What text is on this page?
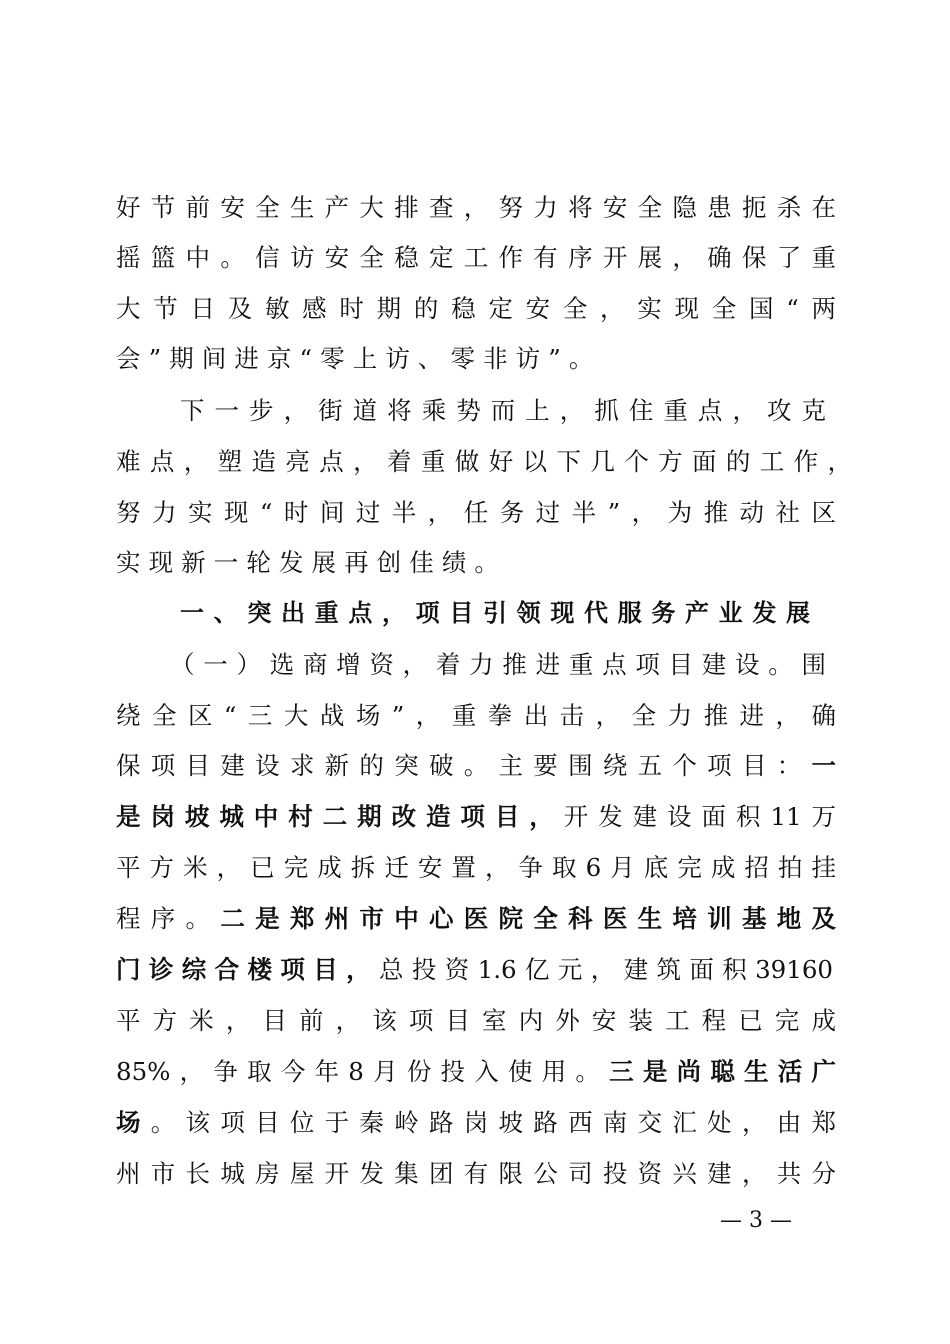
好节前安全生产大排查，努力将安全隐患扼杀在
摇篮中。信访安全稳定工作有序开展，确保了重
大节日及敏感时期的稳定安全，实现全国“两
会”期间进京“零上访、零非访”。
下一步，街道将乘势而上，抓住重点，攻克
难点，塑造亮点，着重做好以下几个方面的工作，
努力实现“时间过半，任务过半”，为推动社区
实现新一轮发展再创佳绩。
一、突出重点，项目引领现代服务产业发展
（一）选商增资，着力推进重点项目建设。围
绕全区“三大战场”，重拳出击，全力推进，确
保项目建设求新的突破。主要围绕五个项目：一
是岗坡城中村二期改造项目，开发建设面积11万
平方米，已完成拆迁安置，争取6月底完成招拍挂
程序。二是郑州市中心医院全科医生培训基地及
门诊综合楼项目，总投资1.6亿元，建筑面积39160
平方米，目前，该项目室内外安装工程已完成
85%，争取今年8月份投入使用。三是尚聪生活广
场。该项目位于秦岭路岗坡路西南交汇处，由郑
州市长城房屋开发集团有限公司投资兴建，共分
— 3 —
